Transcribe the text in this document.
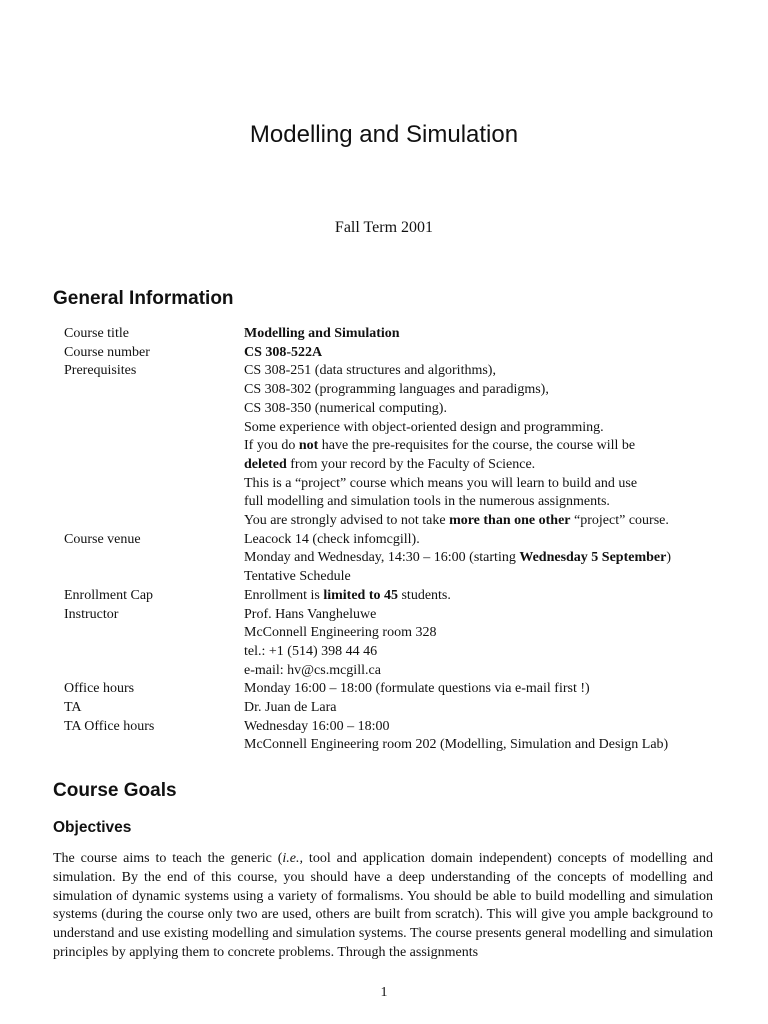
Modelling and Simulation
Fall Term 2001
General Information
Course title	Modelling and Simulation
Course number	CS 308-522A
Prerequisites	CS 308-251 (data structures and algorithms),
CS 308-302 (programming languages and paradigms),
CS 308-350 (numerical computing).
Some experience with object-oriented design and programming.
If you do not have the pre-requisites for the course, the course will be
deleted from your record by the Faculty of Science.
This is a “project” course which means you will learn to build and use
full modelling and simulation tools in the numerous assignments.
You are strongly advised to not take more than one other “project” course.
Course venue	Leacock 14 (check infomcgill).
Monday and Wednesday, 14:30 – 16:00 (starting Wednesday 5 September)
Tentative Schedule
Enrollment Cap	Enrollment is limited to 45 students.
Instructor	Prof. Hans Vangheluwe
McConnell Engineering room 328
tel.: +1 (514) 398 44 46
e-mail: hv@cs.mcgill.ca
Office hours	Monday 16:00 – 18:00 (formulate questions via e-mail first !)
TA	Dr. Juan de Lara
TA Office hours	Wednesday 16:00 – 18:00
McConnell Engineering room 202 (Modelling, Simulation and Design Lab)
Course Goals
Objectives

The course aims to teach the generic (i.e., tool and application domain independent) concepts of modelling and simulation. By the end of this course, you should have a deep understanding of the concepts of modelling and simulation of dynamic systems using a variety of formalisms. You should be able to build modelling and simulation systems (during the course only two are used, others are built from scratch). This will give you ample background to understand and use existing modelling and simulation systems. The course presents general modelling and simulation principles by applying them to concrete problems. Through the assignments

1
